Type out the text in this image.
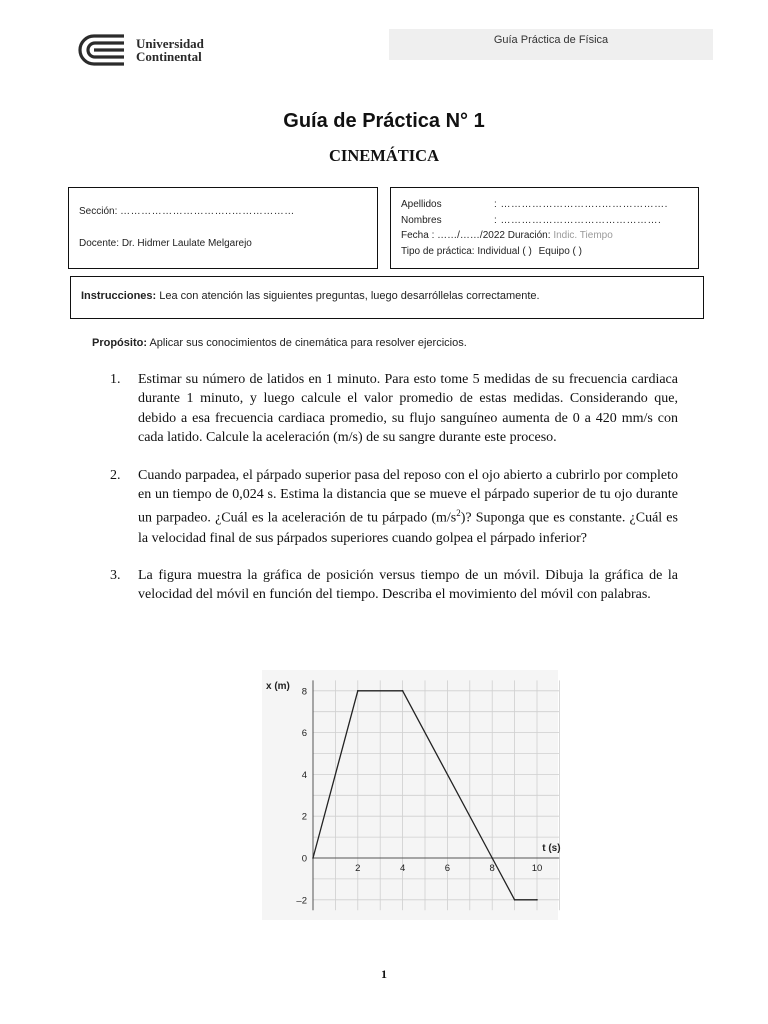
Universidad
Continental
Guía Práctica de Física
Guía de Práctica N° 1
CINEMÁTICA
Sección: …………………………..………………
Docente: Dr. Hidmer Laulate Melgarejo
Apellidos	: ………………………..……………….
Nombres	: ……………………………………….
Fecha : ……/……/2022 Duración: Indic. Tiempo
Tipo de práctica: Individual ( ) Equipo ( )
Instrucciones: Lea con atención las siguientes preguntas, luego desarróllelas correctamente.
Propósito: Aplicar sus conocimientos de cinemática para resolver ejercicios.
1.	Estimar su número de latidos en 1 minuto. Para esto tome 5 medidas de su frecuencia cardiaca durante 1 minuto, y luego calcule el valor promedio de estas medidas. Considerando que, debido a esa frecuencia cardiaca promedio, su flujo sanguíneo aumenta de 0 a 420 mm/s con cada latido. Calcule la aceleración (m/s) de su sangre durante este proceso.
2.	Cuando parpadea, el párpado superior pasa del reposo con el ojo abierto a cubrirlo por completo en un tiempo de 0,024 s. Estima la distancia que se mueve el párpado superior de tu ojo durante un parpadeo. ¿Cuál es la aceleración de tu párpado $(m/s^2)$? Suponga que es constante. ¿Cuál es la velocidad final de sus párpados superiores cuando golpea el párpado inferior?
3.	La figura muestra la gráfica de posición versus tiempo de un móvil. Dibuja la gráfica de la velocidad del móvil en función del tiempo. Describa el movimiento del móvil con palabras.
2	4	6	8	10
8
6
4
2
0
–2
x (m)
t (s)
1
